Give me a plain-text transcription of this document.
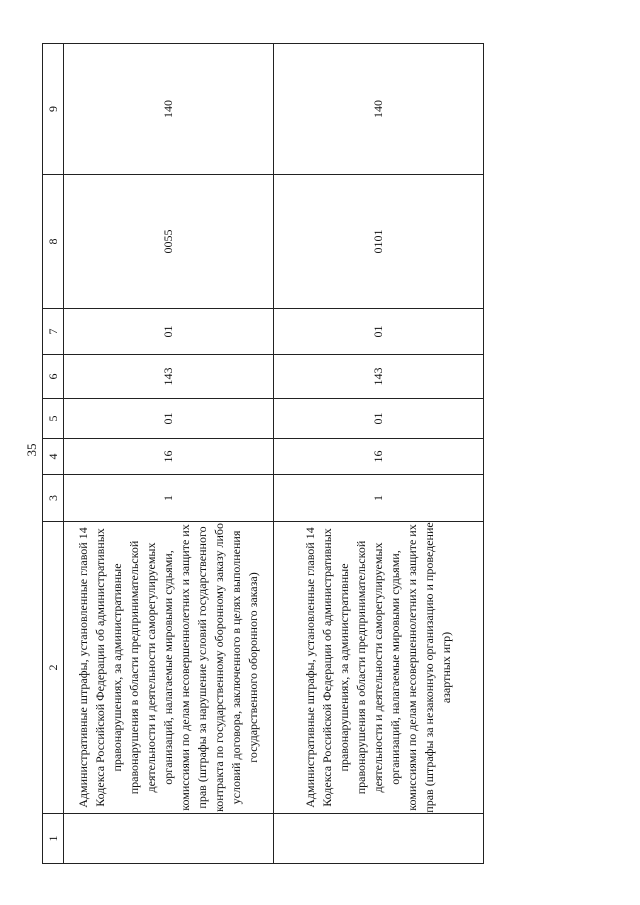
35
1	2	3	4	5	6	7	8	9

	Административные штрафы, установленные главой 14 Кодекса Российской Федерации об административных правонарушениях, за административные правонарушения в области предпринимательской деятельности и деятельности саморегулируемых организаций, налагаемые мировыми судьями, комиссиями по делам несовершеннолетних и защите их прав (штрафы за нарушение условий государственного контракта по государственному оборонному заказу либо условий договора, заключенного в целях выполнения государственного оборонного заказа)	1	16	01	143	01	0055	140

	Административные штрафы, установленные главой 14 Кодекса Российской Федерации об административных правонарушениях, за административные правонарушения в области предпринимательской деятельности и деятельности саморегулируемых организаций, налагаемые мировыми судьями, комиссиями по делам несовершеннолетних и защите их прав (штрафы за незаконную организацию и проведение азартных игр)	1	16	01	143	01	0101	140
